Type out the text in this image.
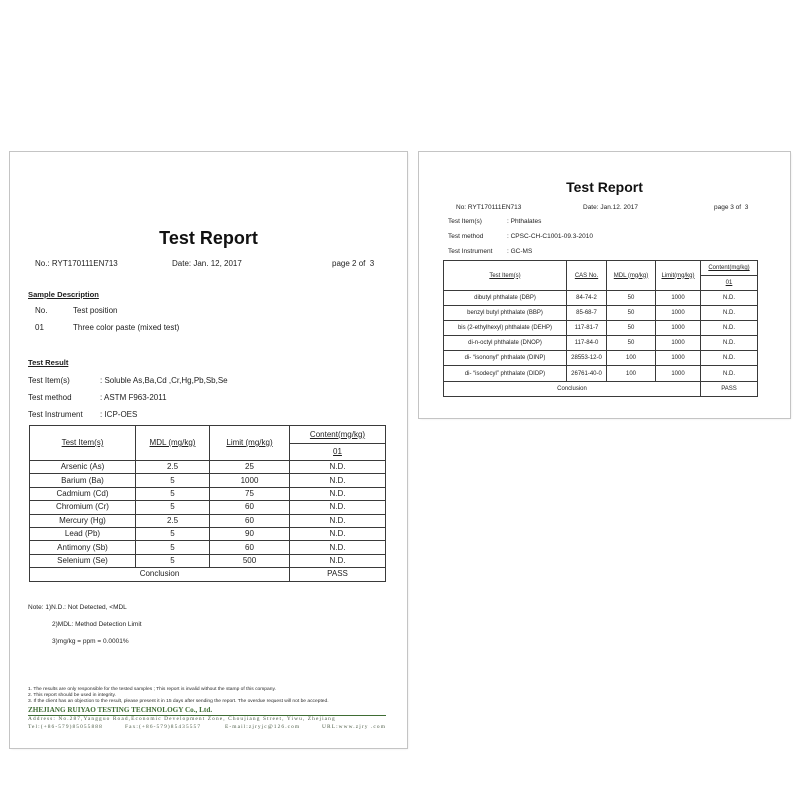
Test Report
No.: RYT170111EN713	Date: Jan. 12, 2017	page 2 of  3
Sample Description
No.	Test position
01	Three color paste (mixed test)
Test Result
Test Item(s)	: Soluble As,Ba,Cd ,Cr,Hg,Pb,Sb,Se
Test method	: ASTM F963-2011
Test Instrument : ICP-OES
Test Item(s)	MDL (mg/kg)	Limit (mg/kg)	Content(mg/kg)
			01
Arsenic (As)	2.5	25	N.D.
Barium (Ba)	5	1000	N.D.
Cadmium (Cd)	5	75	N.D.
Chromium (Cr)	5	60	N.D.
Mercury (Hg)	2.5	60	N.D.
Lead (Pb)	5	90	N.D.
Antimony (Sb)	5	60	N.D.
Selenium (Se)	5	500	N.D.
Conclusion			PASS
Note: 1)N.D.: Not Detected, <MDL
2)MDL: Method Detection Limit
3)mg/kg = ppm = 0.0001%
1. The results are only responsible for the tested samples ; This report is invalid without the stamp of this company.
2. This report should be used in integrity.
3. If the client has an objection to the result, please present it in 15 days after sending the report. The overdue request will not be accepted.
ZHEJIANG RUIYAO TESTING TECHNOLOGY Co., Ltd.
Address: No.287,Yangguo Road,Economic Development Zone, Choujiang Street, Yiwu, Zhejiang
Tel:(+86-579)85055888	Fax:(+86-579)85435557	E-mail:zjryjc@126.com	URL:www.zjry .com
Test Report
No: RYT170111EN713	Date: Jan.12. 2017	page 3 of  3
Test Item(s)	: Phthalates
Test method	: CPSC-CH-C1001-09.3-2010
Test Instrument : GC-MS
Test Item(s)	CAS No.	MDL (mg/kg)	Limit(mg/kg)	Content(mg/kg)
				01
dibutyl phthalate (DBP)	84-74-2	50	1000	N.D.
benzyl butyl phthalate (BBP)	85-68-7	50	1000	N.D.
bis (2-ethylhexyl) phthalate (DEHP)	117-81-7	50	1000	N.D.
di-n-octyl phthalate (DNOP)	117-84-0	50	1000	N.D.
di- “isononyl” phthalate (DINP)	28553-12-0	100	1000	N.D.
di- “isodecyl” phthalate (DIDP)	26761-40-0	100	1000	N.D.
Conclusion				PASS
